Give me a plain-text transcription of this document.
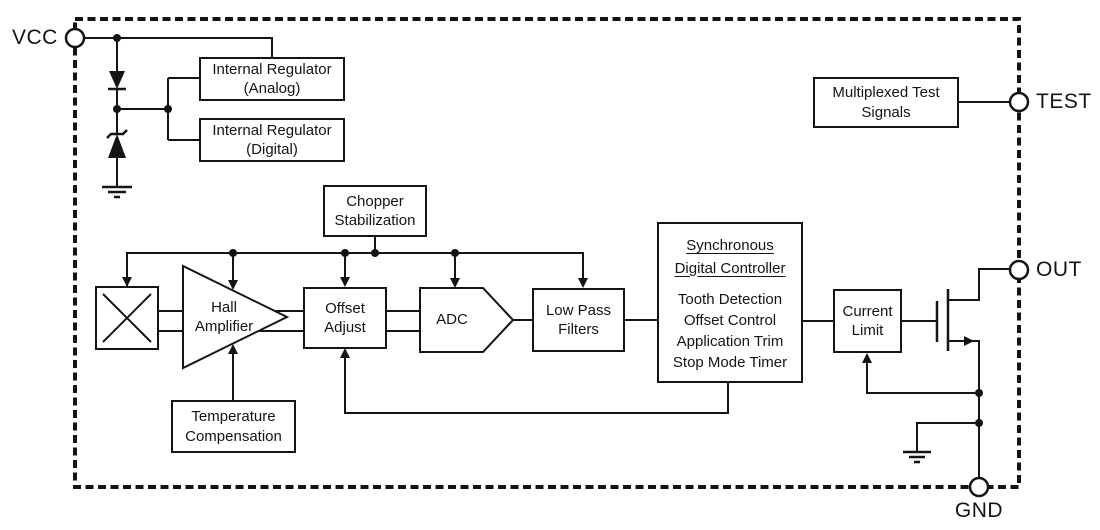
Internal Regulator
(Analog)
Internal Regulator
(Digital)
Chopper
Stabilization
Hall
Amplifier
Offset
Adjust	ADC
Low Pass
Filters
Synchronous
Digital Controller
Tooth Detection
Offset Control
Application Trim
Stop Mode Timer
Current
Limit
Multiplexed Test
Signals
Temperature
Compensation
VCC
TEST
OUT
GND
